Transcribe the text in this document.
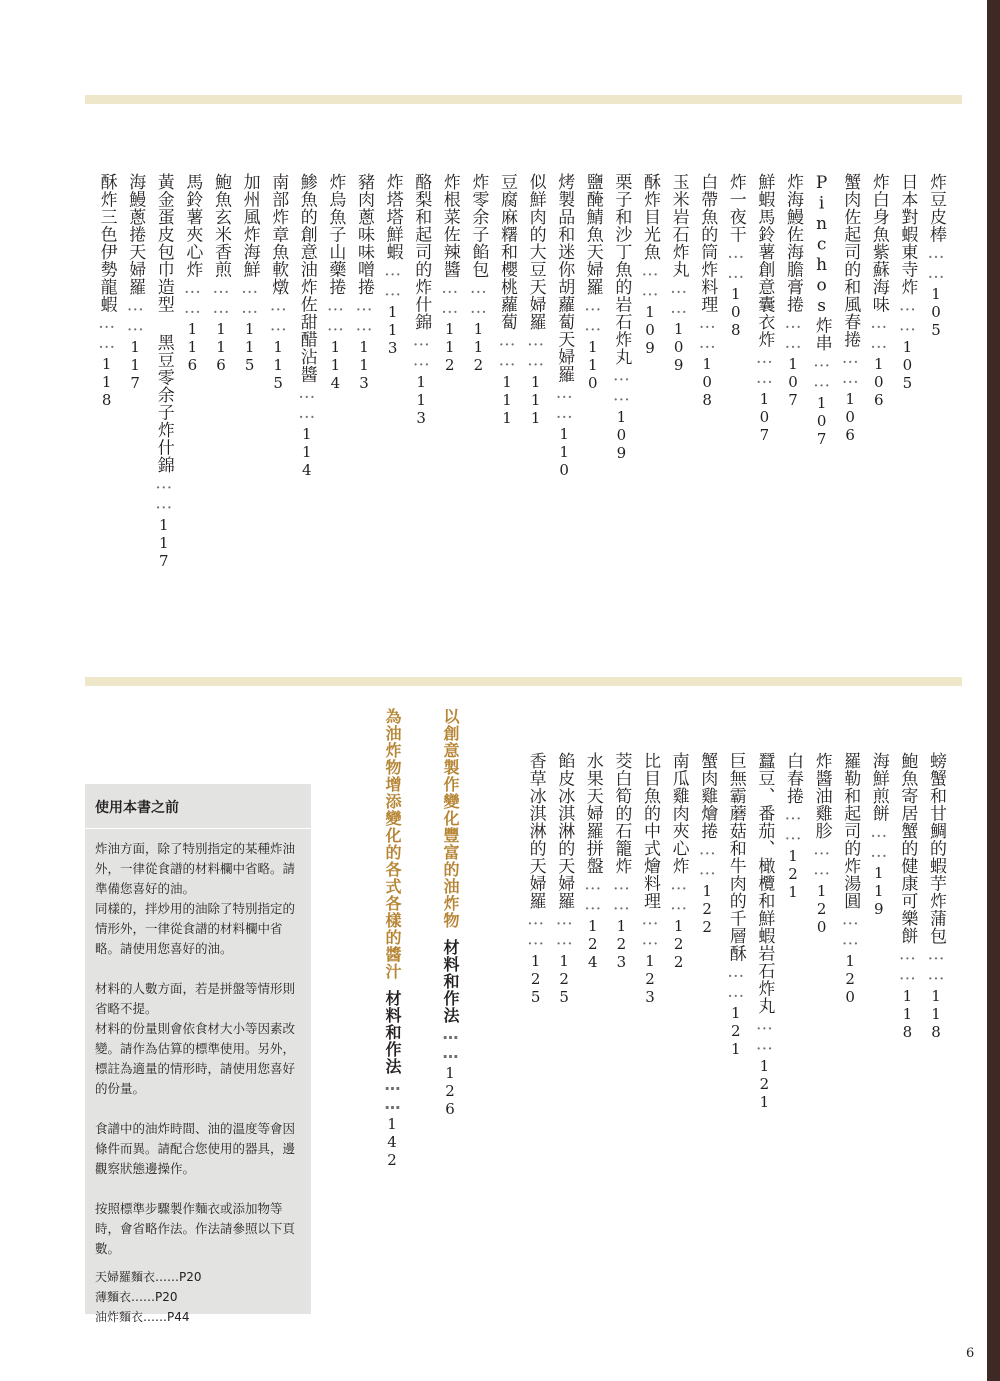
炸豆皮棒……105
日本對蝦東寺炸……105
炸白身魚紫蘇海味……106
蟹肉佐起司的和風春捲……106
Pinchos炸串……107
炸海鰻佐海膽膏捲……107
鮮蝦馬鈴薯創意囊衣炸……107
炸一夜干……108
白帶魚的筒炸料理……108
玉米岩石炸丸……109
酥炸目光魚……109
栗子和沙丁魚的岩石炸丸……109
鹽醃鯖魚天婦羅……110
烤製品和迷你胡蘿蔔天婦羅……110
似鮮肉的大豆天婦羅……111
豆腐麻糬和櫻桃蘿蔔……111
炸零余子餡包……112
炸根菜佐辣醬……112
酪梨和起司的炸什錦……113
炸塔塔鮮蝦……113
豬肉蔥味味噌捲……113
炸烏魚子山藥捲……114
鯵魚的創意油炸佐甜醋沾醬……114
南部炸章魚軟燉……115
加州風炸海鮮……115
鮑魚玄米香煎……116
馬鈴薯夾心炸……116
黃金蛋皮包巾造型 黑豆零余子炸什錦……117
海鰻蔥捲天婦羅……117
酥炸三色伊勢龍蝦……118
螃蟹和甘鯛的蝦芋炸蒲包……118
鮑魚寄居蟹的健康可樂餅……118
海鮮煎餅……119
羅勒和起司的炸湯圓……120
炸醬油雞胗……120
白春捲……121
蠶豆、番茄、橄欖和鮮蝦岩石炸丸……121
巨無霸蘑菇和牛肉的千層酥……121
蟹肉雞燴捲……122
南瓜雞肉夾心炸……122
比目魚的中式燴料理……123
茭白筍的石籠炸……123
水果天婦羅拼盤……124
餡皮冰淇淋的天婦羅……125
香草冰淇淋的天婦羅……125
以創意製作變化豐富的油炸物材料和作法……126
為油炸物增添變化的各式各樣的醬汁材料和作法……142
使用本書之前

炸油方面，除了特別指定的某種炸油外，一律從食譜的材料欄中省略。請準備您喜好的油。

同樣的，拌炒用的油除了特別指定的情形外，一律從食譜的材料欄中省略。請使用您喜好的油。

材料的人數方面，若是拼盤等情形則省略不提。

材料的份量則會依食材大小等因素改變。請作為估算的標準使用。另外，標註為適量的情形時，請使用您喜好的份量。

食譜中的油炸時間、油的溫度等會因條件而異。請配合您使用的器具，邊觀察狀態邊操作。

按照標準步驟製作麵衣或添加物等時，會省略作法。作法請參照以下頁數。

天婦羅麵衣……P20
薄麵衣……P20
油炸麵衣……P44
6
